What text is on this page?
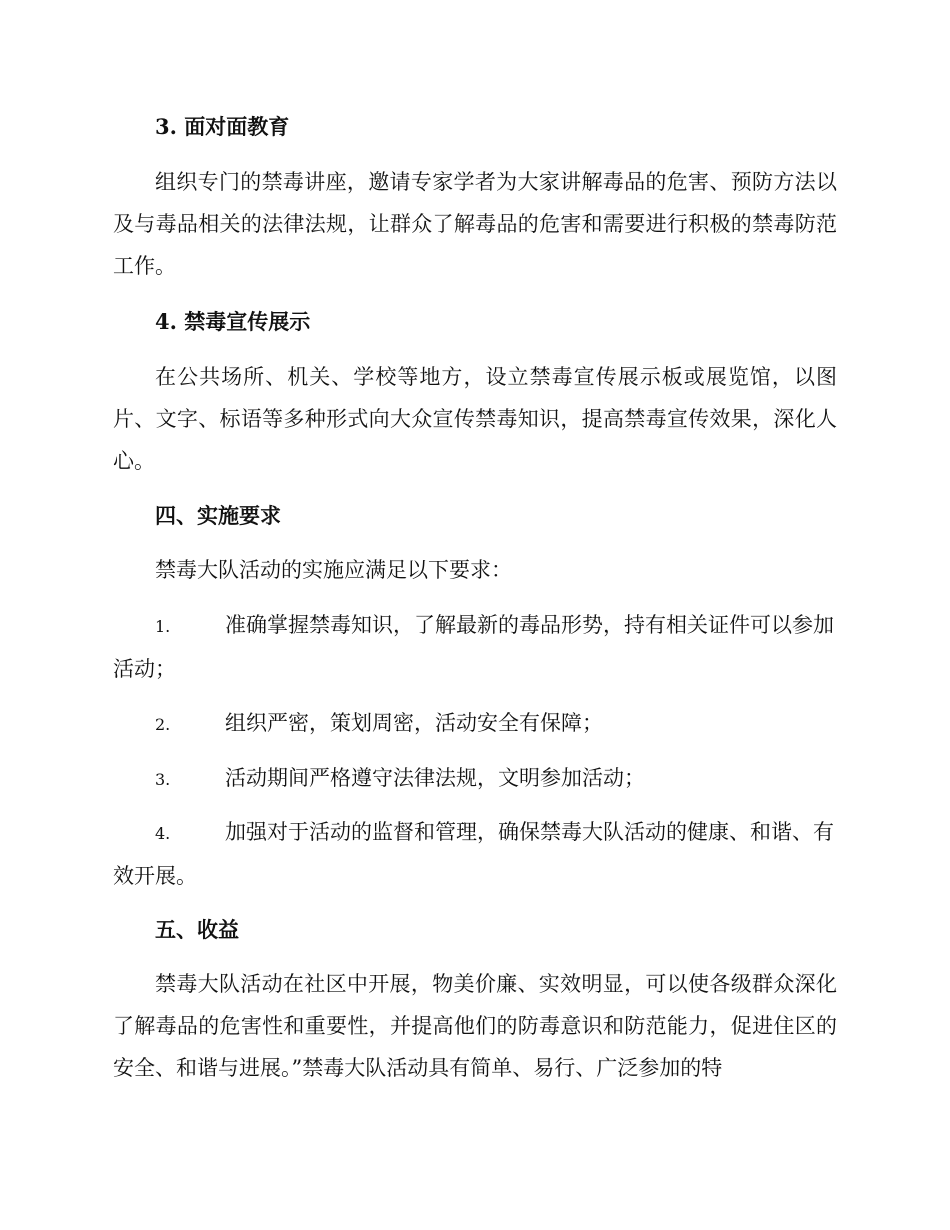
3. 面对面教育
组织专门的禁毒讲座，邀请专家学者为大家讲解毒品的危害、预防方法以及与毒品相关的法律法规，让群众了解毒品的危害和需要进行积极的禁毒防范工作。
4. 禁毒宣传展示
在公共场所、机关、学校等地方，设立禁毒宣传展示板或展览馆，以图片、文字、标语等多种形式向大众宣传禁毒知识，提高禁毒宣传效果，深化人心。
四、实施要求
禁毒大队活动的实施应满足以下要求：
1.	准确掌握禁毒知识，了解最新的毒品形势，持有相关证件可以参加活动；
2.	组织严密，策划周密，活动安全有保障；
3.	活动期间严格遵守法律法规，文明参加活动；
4.	加强对于活动的监督和管理，确保禁毒大队活动的健康、和谐、有效开展。
五、收益
禁毒大队活动在社区中开展，物美价廉、实效明显，可以使各级群众深化了解毒品的危害性和重要性，并提高他们的防毒意识和防范能力，促进住区的安全、和谐与进展。”禁毒大队活动具有简单、易行、广泛参加的特
